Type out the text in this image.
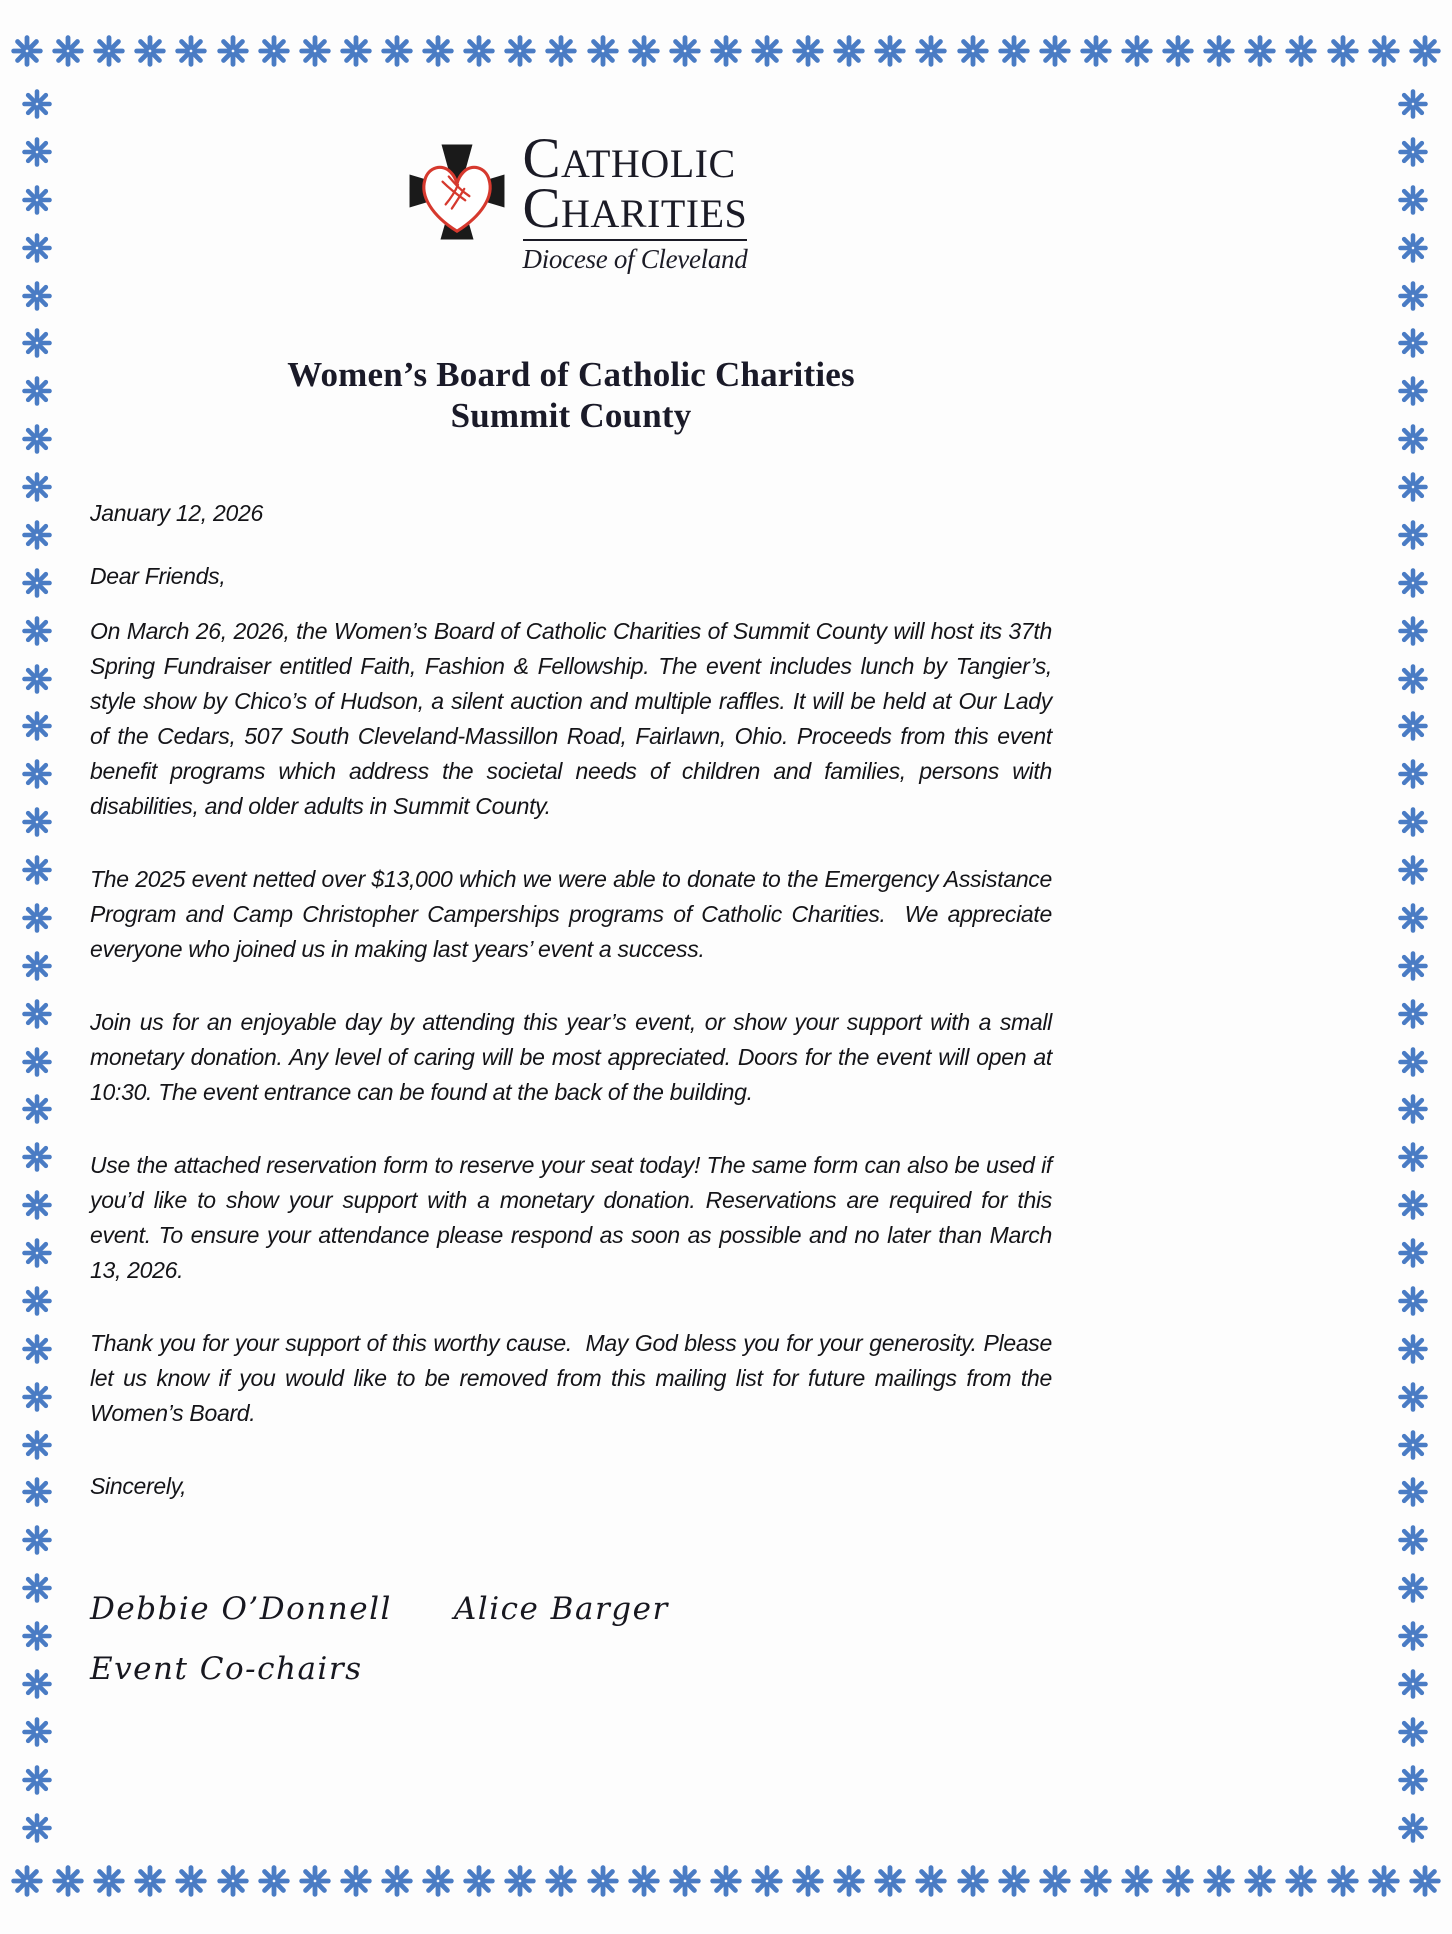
Catholic
Charities
Diocese of Cleveland
Women’s Board of Catholic Charities
Summit County
January 12, 2026
Dear Friends,

On March 26, 2026, the Women’s Board of Catholic Charities of Summit County will host its 37th Spring Fundraiser entitled Faith, Fashion & Fellowship. The event includes lunch by Tangier’s, style show by Chico’s of Hudson, a silent auction and multiple raffles. It will be held at Our Lady of the Cedars, 507 South Cleveland-Massillon Road, Fairlawn, Ohio. Proceeds from this event benefit programs which address the societal needs of children and families, persons with disabilities, and older adults in Summit County.

The 2025 event netted over $13,000 which we were able to donate to the Emergency Assistance Program and Camp Christopher Camperships programs of Catholic Charities.  We appreciate everyone who joined us in making last years’ event a success.

Join us for an enjoyable day by attending this year’s event, or show your support with a small monetary donation. Any level of caring will be most appreciated. Doors for the event will open at 10:30. The event entrance can be found at the back of the building.

Use the attached reservation form to reserve your seat today! The same form can also be used if you’d like to show your support with a monetary donation. Reservations are required for this event. To ensure your attendance please respond as soon as possible and no later than March 13, 2026.

Thank you for your support of this worthy cause.  May God bless you for your generosity. Please let us know if you would like to be removed from this mailing list for future mailings from the Women’s Board.

Sincerely,
Debbie O’Donnell Alice Barger
Event Co-chairs
